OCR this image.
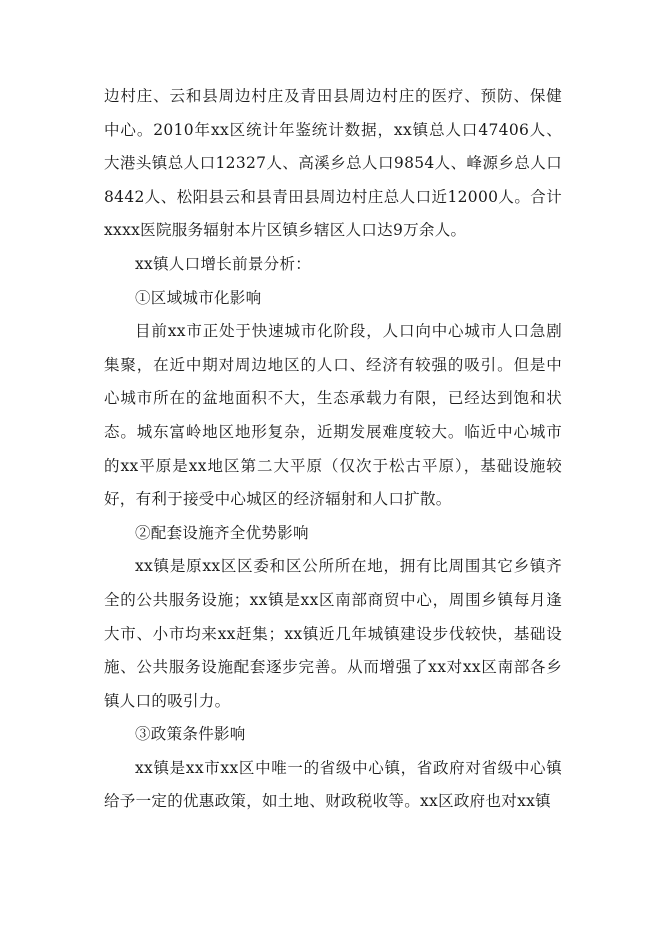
边村庄、云和县周边村庄及青田县周边村庄的医疗、预防、保健中心。2010年xx区统计年鉴统计数据，xx镇总人口47406人、大港头镇总人口12327人、高溪乡总人口9854人、峰源乡总人口8442人、松阳县云和县青田县周边村庄总人口近12000人。合计xxxx医院服务辐射本片区镇乡辖区人口达9万余人。

xx镇人口增长前景分析：

①区域城市化影响

目前xx市正处于快速城市化阶段，人口向中心城市人口急剧集聚，在近中期对周边地区的人口、经济有较强的吸引。但是中心城市所在的盆地面积不大，生态承载力有限，已经达到饱和状态。城东富岭地区地形复杂，近期发展难度较大。临近中心城市的xx平原是xx地区第二大平原（仅次于松古平原），基础设施较好，有利于接受中心城区的经济辐射和人口扩散。

②配套设施齐全优势影响

xx镇是原xx区区委和区公所所在地，拥有比周围其它乡镇齐全的公共服务设施；xx镇是xx区南部商贸中心，周围乡镇每月逢大市、小市均来xx赶集；xx镇近几年城镇建设步伐较快，基础设施、公共服务设施配套逐步完善。从而增强了xx对xx区南部各乡镇人口的吸引力。

③政策条件影响

xx镇是xx市xx区中唯一的省级中心镇，省政府对省级中心镇给予一定的优惠政策，如土地、财政税收等。xx区政府也对xx镇
